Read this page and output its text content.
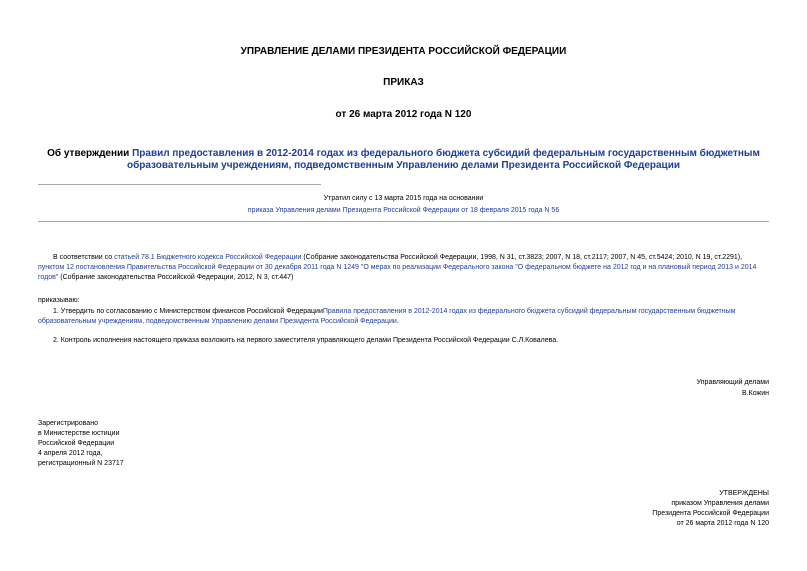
УПРАВЛЕНИЕ ДЕЛАМИ ПРЕЗИДЕНТА РОССИЙСКОЙ ФЕДЕРАЦИИ
ПРИКАЗ
от 26 марта 2012 года N 120
Об утверждении Правил предоставления в 2012-2014 годах из федерального бюджета субсидий федеральным государственным бюджетным образовательным учреждениям, подведомственным Управлению делами Президента Российской Федерации
Утратил силу с 13 марта 2015 года на основании
приказа Управления делами Президента Российской Федерации от 18 февраля 2015 года N 56
В соответствии со статьей 78.1 Бюджетного кодекса Российской Федерации (Собрание законодательства Российской Федерации, 1998, N 31, ст.3823; 2007, N 18, ст.2117; 2007, N 45, ст.5424; 2010, N 19, ст.2291), пунктом 12 постановления Правительства Российской Федерации от 30 декабря 2011 года N 1249 "О мерах по реализации Федерального закона "О федеральном бюджете на 2012 год и на плановый период 2013 и 2014 годов" (Собрание законодательства Российской Федерации, 2012, N 3, ст.447)
приказываю:
1. Утвердить по согласованию с Министерством финансов Российской ФедерацииПравила предоставления в 2012-2014 годах из федерального бюджета субсидий федеральным государственным бюджетным образовательным учреждениям, подведомственным Управлению делами Президента Российской Федерации.
2. Контроль исполнения настоящего приказа возложить на первого заместителя управляющего делами Президента Российской Федерации С.Л.Ковалева.
Управляющий делами
В.Кожин
Зарегистрировано
в Министерстве юстиции
Российской Федерации
4 апреля 2012 года,
регистрационный N 23717
УТВЕРЖДЕНЫ
приказом Управления делами
Президента Российской Федерации
от 26 марта 2012 года N 120
